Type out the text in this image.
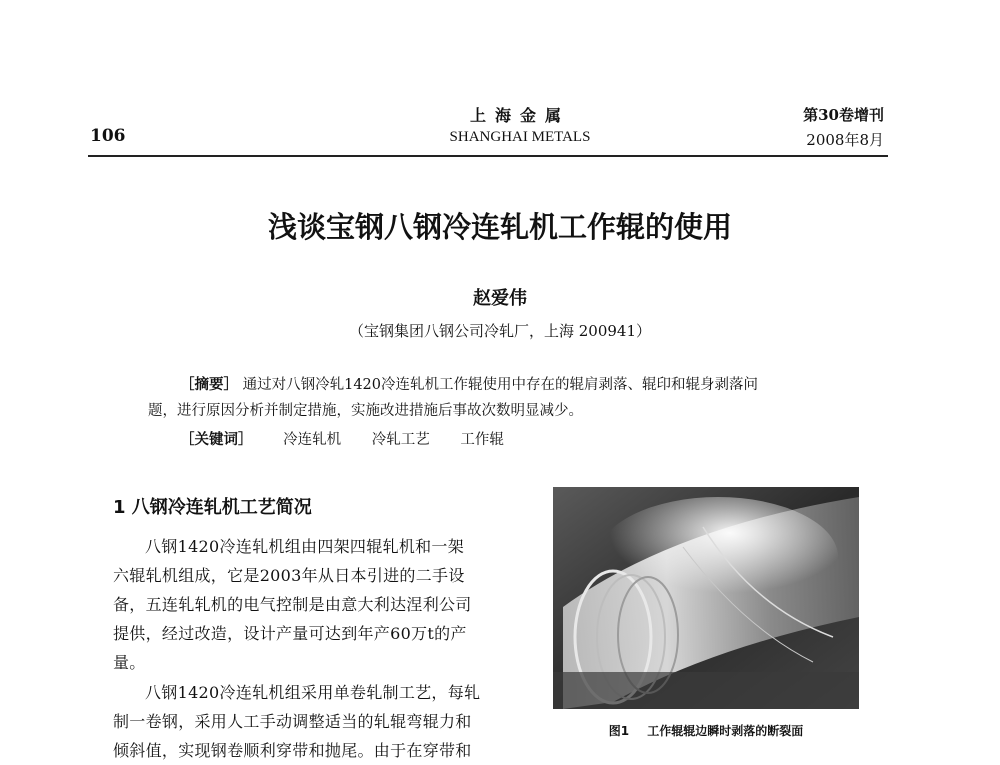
106
上海金属
SHANGHAI METALS
第30卷增刊
2008年8月
浅谈宝钢八钢冷连轧机工作辊的使用
赵爱伟
（宝钢集团八钢公司冷轧厂，上海 200941）
［摘要］ 通过对八钢冷轧1420冷连轧机工作辊使用中存在的辊肩剥落、辊印和辊身剥落问
题，进行原因分析并制定措施，实施改进措施后事故次数明显减少。
［关键词］ 冷连轧机 冷轧工艺 工作辊
1 八钢冷连轧机工艺简况
八钢1420冷连轧机组由四架四辊轧机和一架
六辊轧机组成，它是2003年从日本引进的二手设
备，五连轧轧机的电气控制是由意大利达涅利公司
提供，经过改造，设计产量可达到年产60万t的产
量。
八钢1420冷连轧机组采用单卷轧制工艺，每轧
制一卷钢，采用人工手动调整适当的轧辊弯辊力和
倾斜值，实现钢卷顺利穿带和抛尾。由于在穿带和
图1 工作辊辊边瞬时剥落的断裂面
